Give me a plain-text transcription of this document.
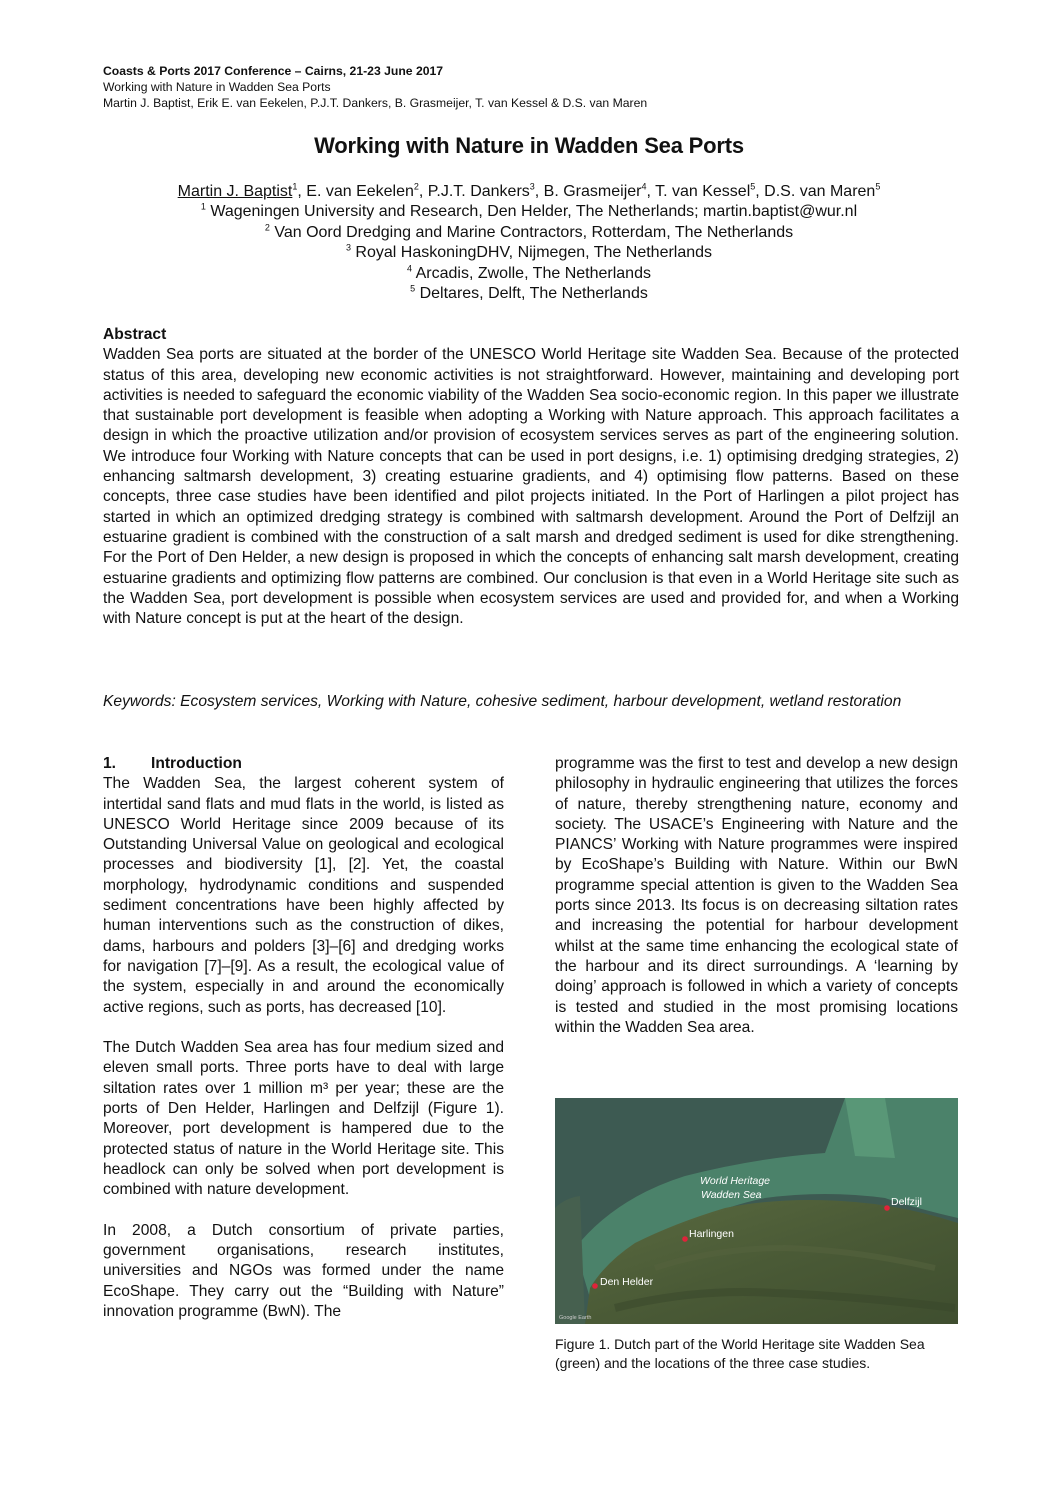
Coasts & Ports 2017 Conference – Cairns, 21-23 June 2017
Working with Nature in Wadden Sea Ports
Martin J. Baptist, Erik E. van Eekelen, P.J.T. Dankers, B. Grasmeijer, T. van Kessel & D.S. van Maren
Working with Nature in Wadden Sea Ports
Martin J. Baptist$^1$, E. van Eekelen$^2$, P.J.T. Dankers$^3$, B. Grasmeijer$^4$, T. van Kessel$^5$, D.S. van Maren$^5$
$^1$ Wageningen University and Research, Den Helder, The Netherlands; martin.baptist@wur.nl
$^2$ Van Oord Dredging and Marine Contractors, Rotterdam, The Netherlands
$^3$ Royal HaskoningDHV, Nijmegen, The Netherlands
$^4$ Arcadis, Zwolle, The Netherlands
$^5$ Deltares, Delft, The Netherlands
Abstract

Wadden Sea ports are situated at the border of the UNESCO World Heritage site Wadden Sea. Because of the protected status of this area, developing new economic activities is not straightforward. However, maintaining and developing port activities is needed to safeguard the economic viability of the Wadden Sea socio-economic region. In this paper we illustrate that sustainable port development is feasible when adopting a Working with Nature approach. This approach facilitates a design in which the proactive utilization and/or provision of ecosystem services serves as part of the engineering solution. We introduce four Working with Nature concepts that can be used in port designs, i.e. 1) optimising dredging strategies, 2) enhancing saltmarsh development, 3) creating estuarine gradients, and 4) optimising flow patterns. Based on these concepts, three case studies have been identified and pilot projects initiated. In the Port of Harlingen a pilot project has started in which an optimized dredging strategy is combined with saltmarsh development. Around the Port of Delfzijl an estuarine gradient is combined with the construction of a salt marsh and dredged sediment is used for dike strengthening. For the Port of Den Helder, a new design is proposed in which the concepts of enhancing salt marsh development, creating estuarine gradients and optimizing flow patterns are combined. Our conclusion is that even in a World Heritage site such as the Wadden Sea, port development is possible when ecosystem services are used and provided for, and when a Working with Nature concept is put at the heart of the design.

Keywords: Ecosystem services, Working with Nature, cohesive sediment, harbour development, wetland restoration
1. Introduction

The Wadden Sea, the largest coherent system of intertidal sand flats and mud flats in the world, is listed as UNESCO World Heritage since 2009 because of its Outstanding Universal Value on geological and ecological processes and biodiversity [1], [2]. Yet, the coastal morphology, hydrodynamic conditions and suspended sediment concentrations have been highly affected by human interventions such as the construction of dikes, dams, harbours and polders [3]–[6] and dredging works for navigation [7]–[9]. As a result, the ecological value of the system, especially in and around the economically active regions, such as ports, has decreased [10].

The Dutch Wadden Sea area has four medium sized and eleven small ports. Three ports have to deal with large siltation rates over 1 million m³ per year; these are the ports of Den Helder, Harlingen and Delfzijl (Figure 1). Moreover, port development is hampered due to the protected status of nature in the World Heritage site. This headlock can only be solved when port development is combined with nature development.

In 2008, a Dutch consortium of private parties, government organisations, research institutes, universities and NGOs was formed under the name EcoShape. They carry out the “Building with Nature” innovation programme (BwN). The

programme was the first to test and develop a new design philosophy in hydraulic engineering that utilizes the forces of nature, thereby strengthening nature, economy and society. The USACE’s Engineering with Nature and the PIANCS’ Working with Nature programmes were inspired by EcoShape’s Building with Nature. Within our BwN programme special attention is given to the Wadden Sea ports since 2013. Its focus is on decreasing siltation rates and increasing the potential for harbour development whilst at the same time enhancing the ecological state of the harbour and its direct surroundings. A ‘learning by doing’ approach is followed in which a variety of concepts is tested and studied in the most promising locations within the Wadden Sea area.

World Heritage
Wadden Sea
Delfzijl
Harlingen
Den Helder
Google Earth
Figure 1. Dutch part of the World Heritage site Wadden Sea (green) and the locations of the three case studies.
